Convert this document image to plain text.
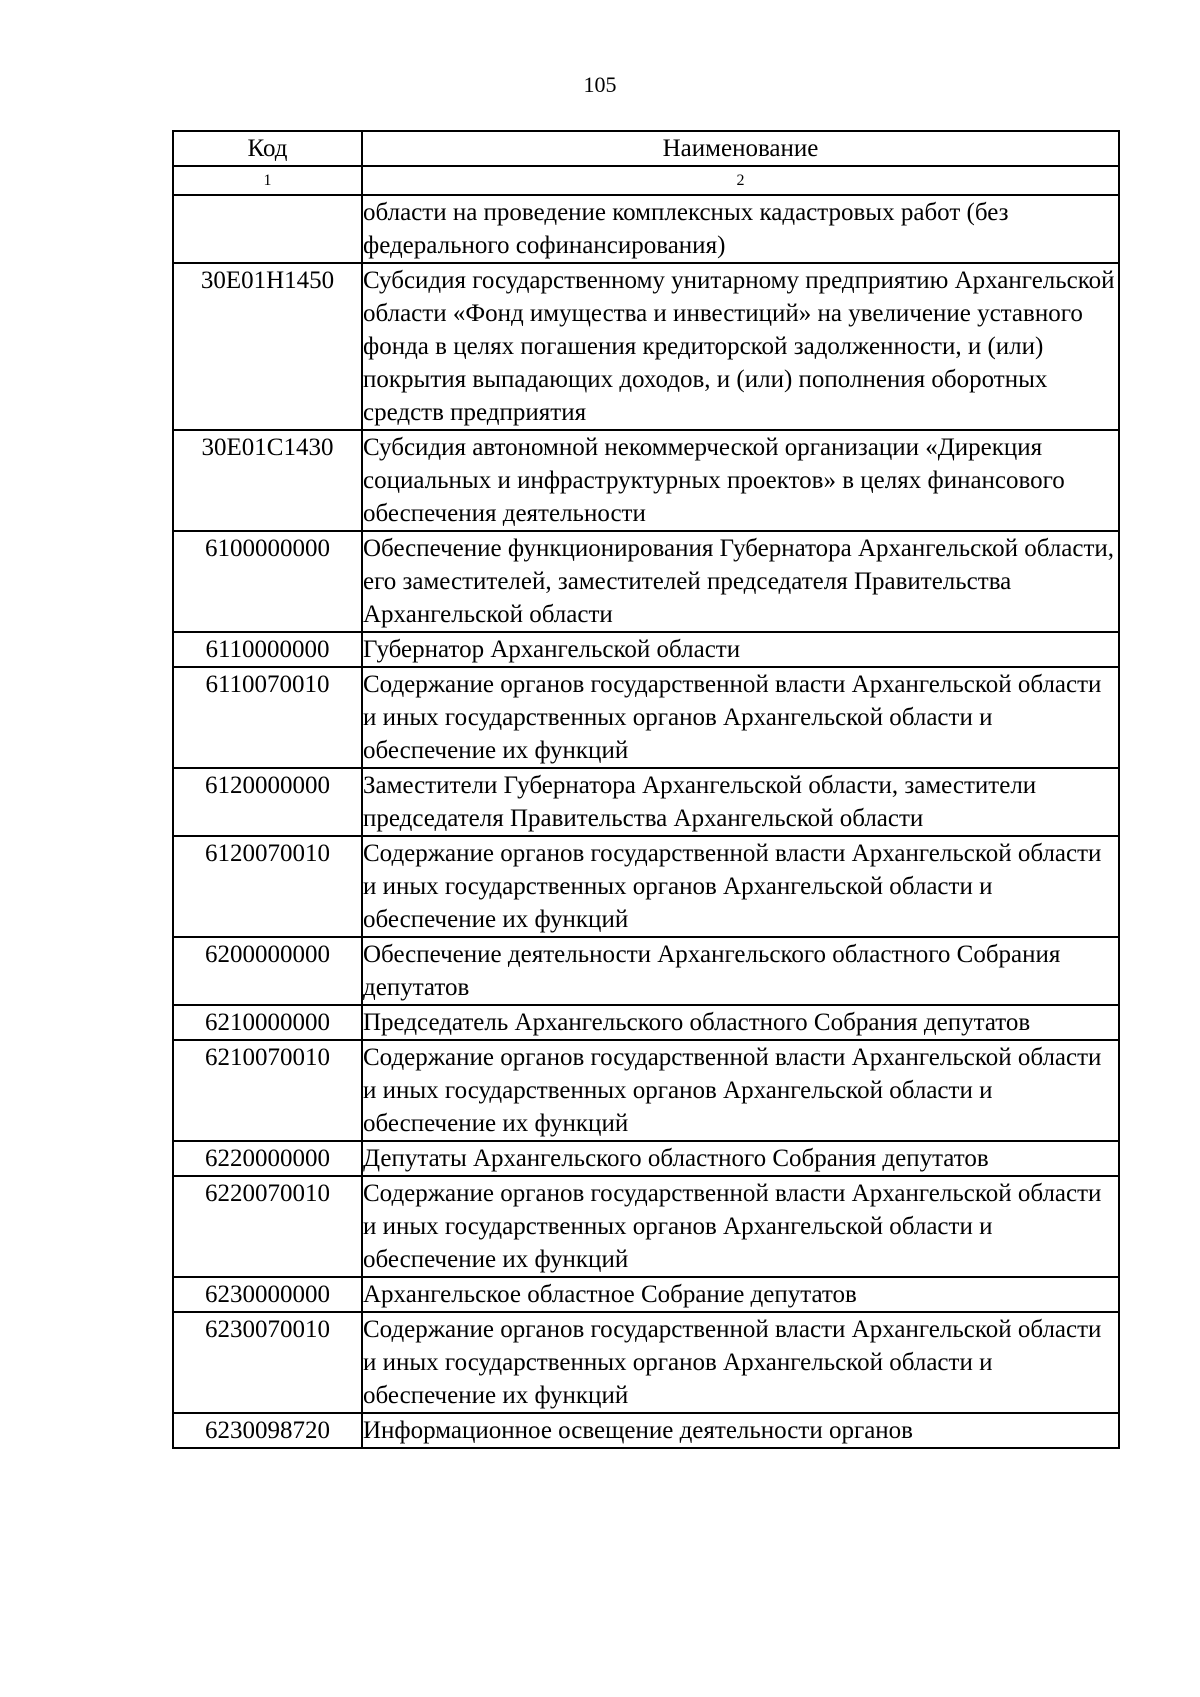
105
Код	Наименование
1	2
	области на проведение комплексных кадастровых работ (без федерального софинансирования)
30E01H1450	Субсидия государственному унитарному предприятию Архангельской области «Фонд имущества и инвестиций» на увеличение уставного фонда в целях погашения кредиторской задолженности, и (или) покрытия выпадающих доходов, и (или) пополнения оборотных средств предприятия
30E01C1430	Субсидия автономной некоммерческой организации «Дирекция социальных и инфраструктурных проектов» в целях финансового обеспечения деятельности
6100000000	Обеспечение функционирования Губернатора Архангельской области, его заместителей, заместителей председателя Правительства Архангельской области
6110000000	Губернатор Архангельской области
6110070010	Содержание органов государственной власти Архангельской области и иных государственных органов Архангельской области и обеспечение их функций
6120000000	Заместители Губернатора Архангельской области, заместители председателя Правительства Архангельской области
6120070010	Содержание органов государственной власти Архангельской области и иных государственных органов Архангельской области и обеспечение их функций
6200000000	Обеспечение деятельности Архангельского областного Собрания депутатов
6210000000	Председатель Архангельского областного Собрания депутатов
6210070010	Содержание органов государственной власти Архангельской области и иных государственных органов Архангельской области и обеспечение их функций
6220000000	Депутаты Архангельского областного Собрания депутатов
6220070010	Содержание органов государственной власти Архангельской области и иных государственных органов Архангельской области и обеспечение их функций
6230000000	Архангельское областное Собрание депутатов
6230070010	Содержание органов государственной власти Архангельской области и иных государственных органов Архангельской области и обеспечение их функций
6230098720	Информационное освещение деятельности органов
